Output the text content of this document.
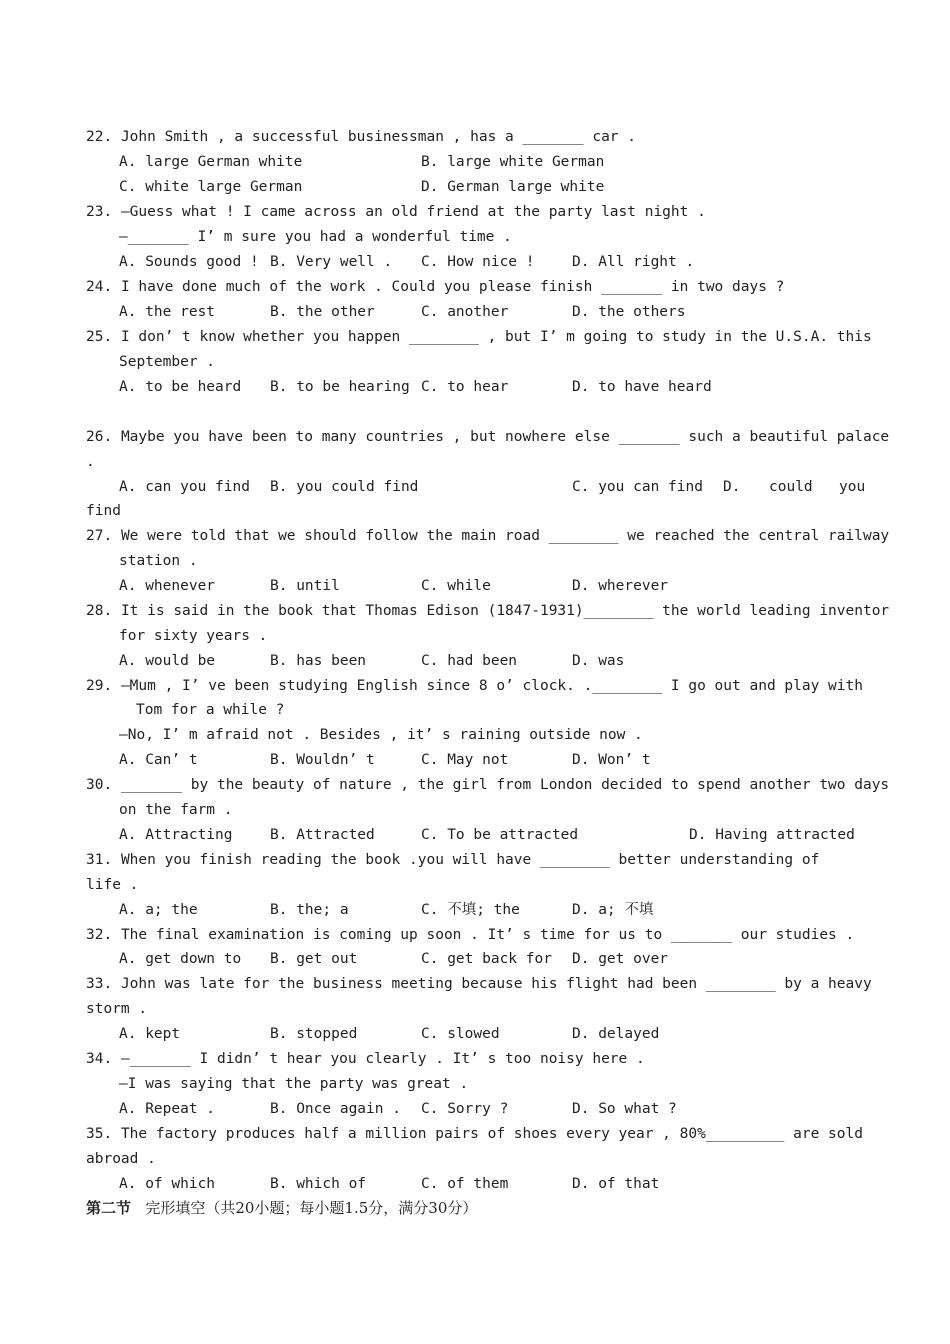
22. John Smith , a successful businessman , has a _______ car .
A. large German white	B. large white German
C. white large German	D. German large white
23. —Guess what ! I came across an old friend at the party last night .
—_______ I’ m sure you had a wonderful time .
A. Sounds good ! B. Very well . C. How nice !	D. All right .
24. I have done much of the work . Could you please finish _______ in two days ?
A. the rest	B. the other	C. another	D. the others
25. I don’ t know whether you happen ________ , but I’ m going to study in the U.S.A. this
September .
A. to be heard B. to be hearing C. to hear	D. to have heard
26. Maybe you have been to many countries , but nowhere else _______ such a beautiful palace
.
A. can you find B. you could find	C. you can find D. could you
find
27. We were told that we should follow the main road ________ we reached the central railway
station .
A. whenever	B. until	C. while	D. wherever
28. It is said in the book that Thomas Edison (1847-1931)________ the world leading inventor
for sixty years .
A. would be	B. has been	C. had been	D. was
29. —Mum , I’ ve been studying English since 8 o’ clock. .________ I go out and play with
Tom for a while ?
—No, I’ m afraid not . Besides , it’ s raining outside now .
A. Can’ t	B. Wouldn’ t	C. May not	D. Won’ t
30. _______ by the beauty of nature , the girl from London decided to spend another two days
on the farm .
A. Attracting	B. Attracted	C. To be attracted	D. Having attracted
31. When you finish reading the book .you will have ________ better understanding of
life .
A. a; the	B. the; a	C. 不填; the	D. a; 不填
32. The final examination is coming up soon . It’ s time for us to _______ our studies .
A. get down to B. get out	C. get back for D. get over
33. John was late for the business meeting because his flight had been ________ by a heavy
storm .
A. kept	B. stopped	C. slowed	D. delayed
34. —_______ I didn’ t hear you clearly . It’ s too noisy here .
—I was saying that the party was great .
A. Repeat .	B. Once again . C. Sorry ?	D. So what ?
35. The factory produces half a million pairs of shoes every year , 80%_________ are sold
abroad .
A. of which	B. which of	C. of them	D. of that
第二节 完形填空（共20小题；每小题1.5分，满分30分）
